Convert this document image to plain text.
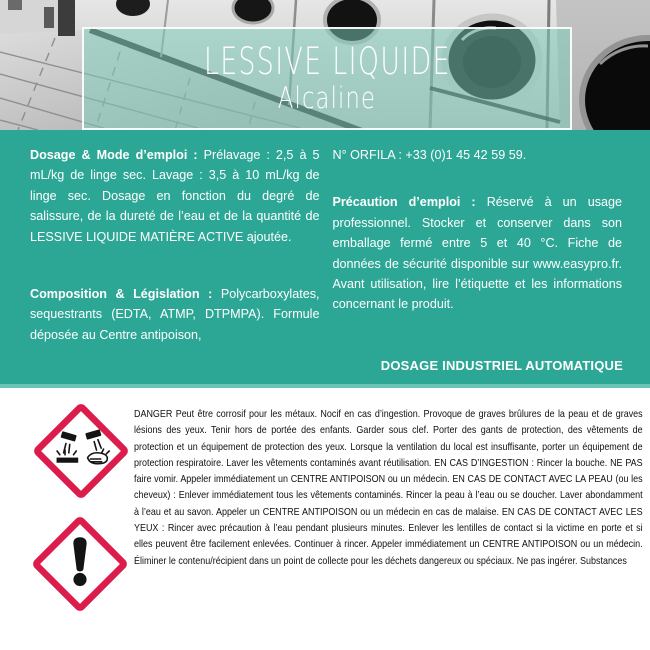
LESSIVE LIQUIDE
Alcaline

Dosage & Mode d’emploi : Prélavage : 2,5 à 5 mL/kg de linge sec. Lavage : 3,5 à 10 mL/kg de linge sec. Dosage en fonction du degré de salissure, de la dureté de l’eau et de la quantité de LESSIVE LIQUIDE MATIÈRE ACTIVE ajoutée.

Composition & Législation : Polycarboxylates, sequestrants (EDTA, ATMP, DTPMPA). Formule déposée au Centre antipoison,

N° ORFILA : +33 (0)1 45 42 59 59.

Précaution d’emploi : Réservé à un usage professionnel. Stocker et conserver dans son emballage fermé entre 5 et 40 °C. Fiche de données de sécurité disponible sur www.easypro.fr. Avant utilisation, lire l’étiquette et les informations concernant le produit.

DOSAGE INDUSTRIEL AUTOMATIQUE
DANGER Peut être corrosif pour les métaux. Nocif en cas d’ingestion. Provoque de graves brûlures de la peau et de graves lésions des yeux. Tenir hors de portée des enfants. Garder sous clef. Porter des gants de protection, des vêtements de protection et un équipement de protection des yeux. Lorsque la ventilation du local est insuffisante, porter un équipement de protection respiratoire. Laver les vêtements contaminés avant réutilisation. EN CAS D’INGESTION : Rincer la bouche. NE PAS faire vomir. Appeler immédiatement un CENTRE ANTIPOISON ou un médecin. EN CAS DE CONTACT AVEC LA PEAU (ou les cheveux) : Enlever immédiatement tous les vêtements contaminés. Rincer la peau à l’eau ou se doucher. Laver abondamment à l’eau et au savon. Appeler un CENTRE ANTIPOISON ou un médecin en cas de malaise. EN CAS DE CONTACT AVEC LES YEUX : Rincer avec précaution à l’eau pendant plusieurs minutes. Enlever les lentilles de contact si la victime en porte et si elles peuvent être facilement enlevées. Continuer à rincer. Appeler immédiatement un CENTRE ANTIPOISON ou un médecin. Éliminer le contenu/récipient dans un point de collecte pour les déchets dangereux ou spéciaux. Ne pas ingérer. Substances
